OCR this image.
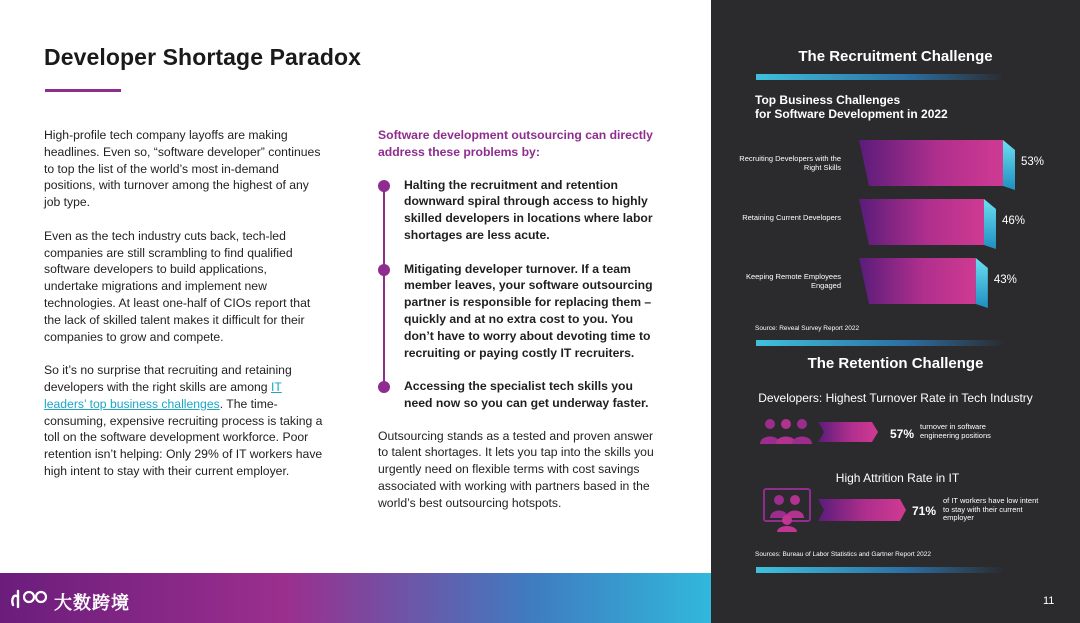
Developer Shortage Paradox

High-profile tech company layoffs are making headlines. Even so, “software developer” continues to top the list of the world’s most in-demand positions, with turnover among the highest of any job type.

Even as the tech industry cuts back, tech-led companies are still scrambling to find qualified software developers to build applications, undertake migrations and implement new technologies. At least one-half of CIOs report that the lack of skilled talent makes it difficult for their companies to grow and compete.

So it’s no surprise that recruiting and retaining developers with the right skills are among IT leaders’ top business challenges. The time-consuming, expensive recruiting process is taking a toll on the software development workforce. Poor retention isn’t helping: Only 29% of IT workers have high intent to stay with their current employer.

Software development outsourcing can directly address these problems by:

Halting the recruitment and retention downward spiral through access to highly skilled developers in locations where labor shortages are less acute.
Mitigating developer turnover. If a team member leaves, your software outsourcing partner is responsible for replacing them – quickly and at no extra cost to you. You don’t have to worry about devoting time to recruiting or paying costly IT recruiters.
Accessing the specialist tech skills you need now so you can get underway faster.

Outsourcing stands as a tested and proven answer to talent shortages. It lets you tap into the skills you urgently need on flexible terms with cost savings associated with working with partners based in the world’s best outsourcing hotspots.

大数跨境
The Recruitment Challenge
Top Business Challenges
for Software Development in 2022
Recruiting Developers with the Right Skills	53%
Retaining Current Developers	46%
Keeping Remote Employees Engaged	43%
Source: Reveal Survey Report 2022
The Retention Challenge
Developers: Highest Turnover Rate in Tech Industry
57%
turnover in software engineering positions
High Attrition Rate in IT
71%
of IT workers have low intent to stay with their current employer
Sources: Bureau of Labor Statistics and Gartner Report 2022
11
